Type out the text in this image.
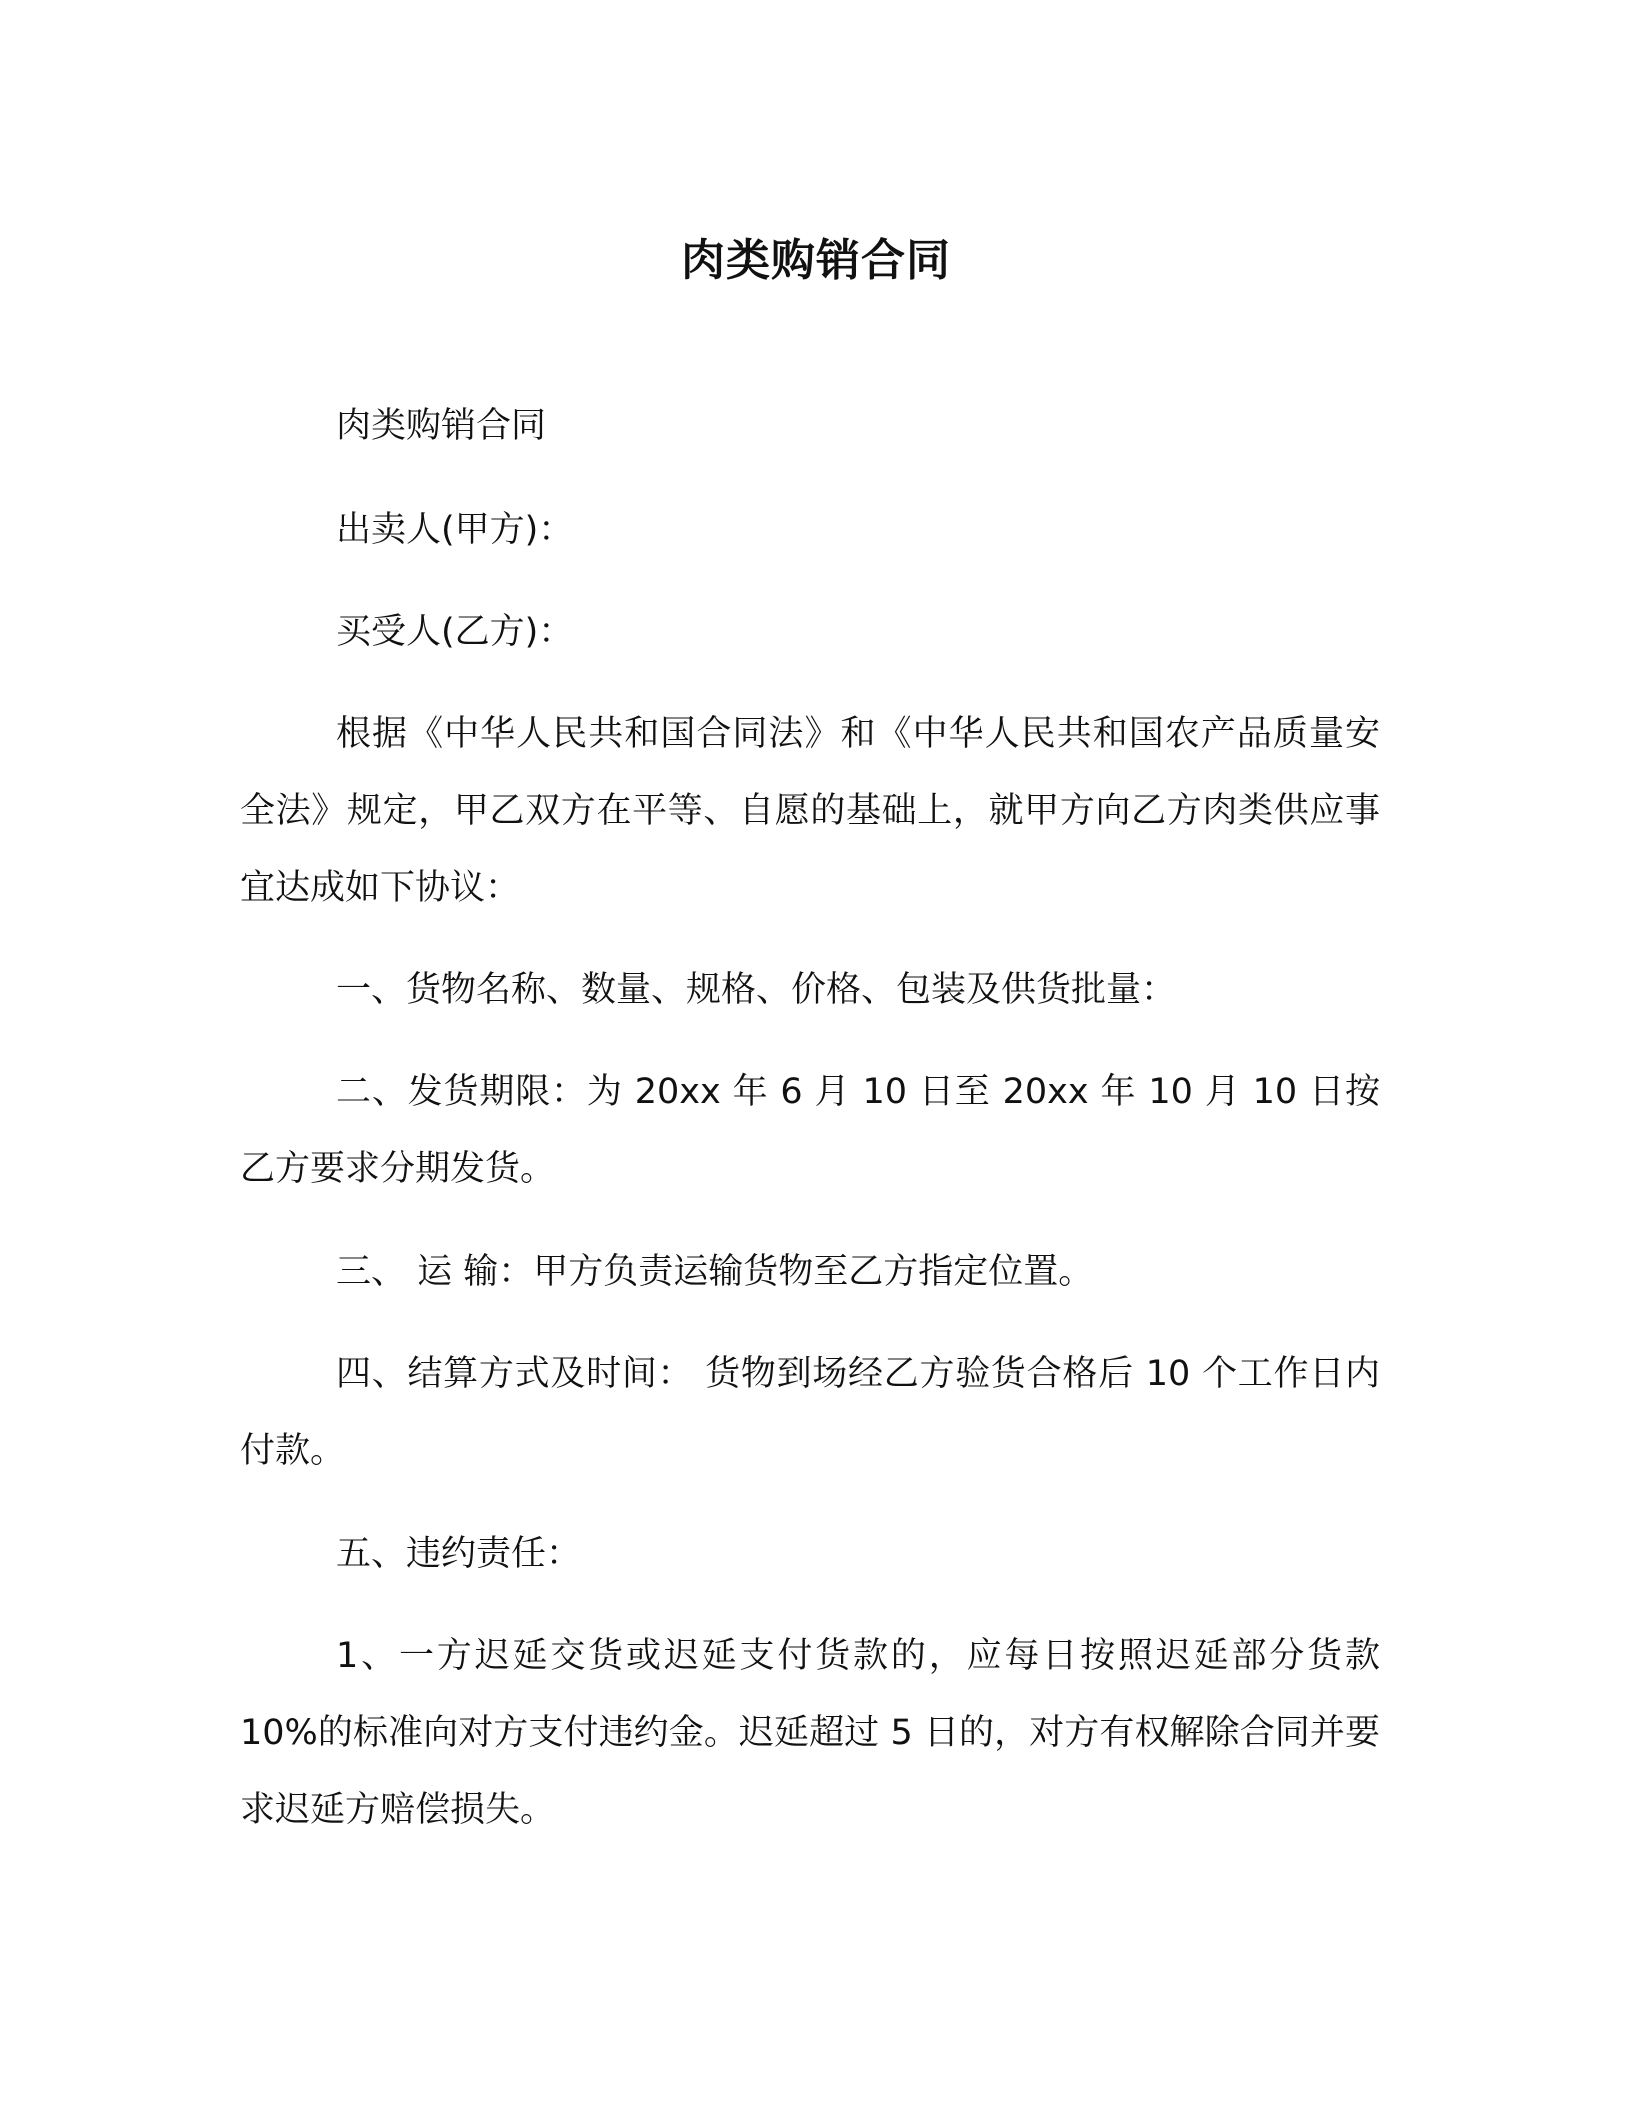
肉类购销合同

肉类购销合同

出卖人(甲方)：

买受人(乙方)：

根据《中华人民共和国合同法》和《中华人民共和国农产品质量安全法》规定，甲乙双方在平等、自愿的基础上，就甲方向乙方肉类供应事宜达成如下协议：

一、货物名称、数量、规格、价格、包装及供货批量：

二、发货期限：为 20xx 年 6 月 10 日至 20xx 年 10 月 10 日按乙方要求分期发货。

三、 运 输：甲方负责运输货物至乙方指定位置。

四、结算方式及时间： 货物到场经乙方验货合格后 10 个工作日内付款。

五、违约责任：

1、一方迟延交货或迟延支付货款的，应每日按照迟延部分货款10%的标准向对方支付违约金。迟延超过 5 日的，对方有权解除合同并要求迟延方赔偿损失。
